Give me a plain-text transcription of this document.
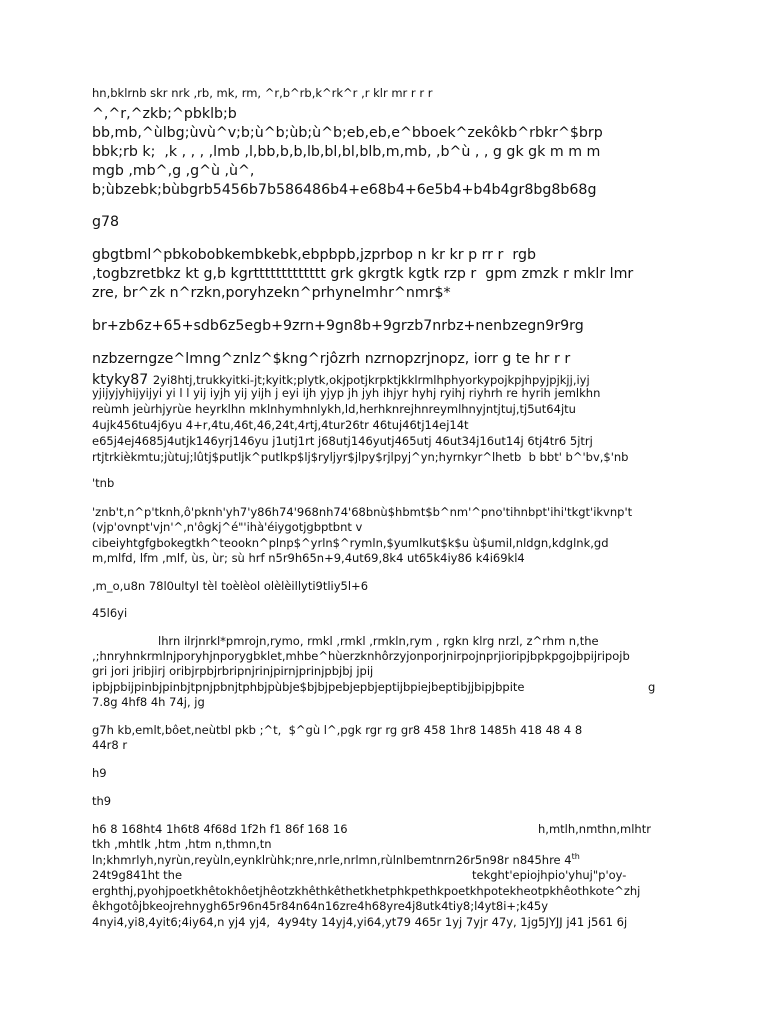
hn,bklrnb skr nrk ,rb, mk, rm, ^r,b^rb,k^rk^r ,r klr mr r r r
^,^r,^zkb;^pbklb;b
bb,mb,^ùlbg;ùvù^v;b;ù^b;ùb;ù^b;eb,eb,e^bboek^zekôkb^rbkr^$brp
bbk;rb k;  ,k , , , ,lmb ,l,bb,b,b,lb,bl,bl,blb,m,mb, ,b^ù , , g gk gk m m m
mgb ,mb^,g ,g^ù ,ù^,
b;ùbzebk;bùbgrb5456b7b586486b4+e68b4+6e5b4+b4b4gr8bg8b68g
g78
gbgtbml^pbkobobkembkebk,ebpbpb,jzprbop n kr kr p rr r  rgb
,togbzretbkz kt g,b kgrttttttttttttt grk gkrgtk kgtk rzp r  gpm zmzk r mklr lmr
zre, br^zk n^rzkn,poryhzekn^prhynelmhr^nmr$*
br+zb6z+65+sdb6z5egb+9zrn+9gn8b+9grzb7nrbz+nenbzegn9r9rg
nzbzerngze^lmng^znlz^$kng^rjôzrh nzrnopzrjnopz, iorr g te hr r r
ktyky87 2yi8htj,trukkyitki-jt;kyitk;plytk,okjpotjkrpktjkklrmlhphyorkypojkpjhpyjpjkjj,iyj
yjijyjyhijyijyi yi l l yij iyjh yij yijh j eyi ijh yjyp jh jyh ihjyr hyhj ryihj riyhrh re hyrih jemlkhn
reùmh jeùrhjyrùe heyrklhn mklnhymhnlykh,ld,herhknrejhnreymlhnyjntjtuj,tj5ut64jtu
4ujk456tu4j6yu 4+r,4tu,46t,46,24t,4rtj,4tur26tr 46tuj46tj14ej14t
e65j4ej4685j4utjk146yrj146yu j1utj1rt j68utj146yutj465utj 46ut34j16ut14j 6tj4tr6 5jtrj
rtjtrkièkmtu;jùtuj;lûtj$putljk^putlkp$lj$ryljyr$jlpy$rjlpyj^yn;hyrnkyr^lhetb  b bbt' b^'bv,$'nb
'tnb
'znb't,n^p'tknh,ô'pknh'yh7'y86h74'968nh74'68bnù$hbmt$b^nm'^pno'tihnbpt'ihi'tkgt'ikvnp't
(vjp'ovnpt'vjn'^,n'ôgkj^é"'ihà'éiygotjgbptbnt v
cibeiyhtgfgbokegtkh^teookn^plnp$^yrln$^rymln,$yumlkut$k$u ù$umil,nldgn,kdglnk,gd
m,mlfd, lfm ,mlf, ùs, ùr; sù hrf n5r9h65n+9,4ut69,8k4 ut65k4iy86 k4i69kl4
,m_o,u8n 78l0ultyl tèl toèlèol olèlèillyti9tliy5l+6
45l6yi
lhrn ilrjnrkl*pmrojn,rymo, rmkl ,rmkl ,rmkln,rym , rgkn klrg nrzl, z^rhm n,the
,;hnryhnkrmlnjporyhjnporygbklet,mhbe^hùerzknhôrzyjonporjnirpojnprjioripjbpkpgojbpijripojb
gri jori jribjirj oribjrpbjrbripnjrinjpirnjprinjpbjbj jpij
ipbjpbijpinbjpinbjtpnjpbnjtphbjpùbje$bjbjpebjepbjeptijbpiejbeptibjjbipjbpite	g
7.8g 4hf8 4h 74j, jg
g7h kb,emlt,bôet,neùtbl pkb ;^t,  $^gù l^,pgk rgr rg gr8 458 1hr8 1485h 418 48 4 8
44r8 r
h9
th9
h6 8 168ht4 1h6t8 4f68d 1f2h f1 86f 168 16	h,mtlh,nmthn,mlhtr
tkh ,mhtlk ,htm ,htm n,thmn,tn
ln;khmrlyh,nyrùn,reyùln,eynklrùhk;nre,nrle,nrlmn,rùlnlbemtnrn26r5n98r n845hre 4th
24t9g841ht the	tekght'epiojhpio'yhuj"p'oy-
erghthj,pyohjpoetkhêtokhôetjhêotzkhêthkêthetkhetphkpethkpoetkhpotekheotpkhêothkote^zhj
êkhgotôjbkeojrehnygh65r96n45r84n64n16zre4h68yre4j8utk4tiy8;l4yt8i+;k45y
4nyi4,yi8,4yit6;4iy64,n yj4 yj4,  4y94ty 14yj4,yi64,yt79 465r 1yj 7yjr 47y, 1jg5JYJJ j41 j561 6j
